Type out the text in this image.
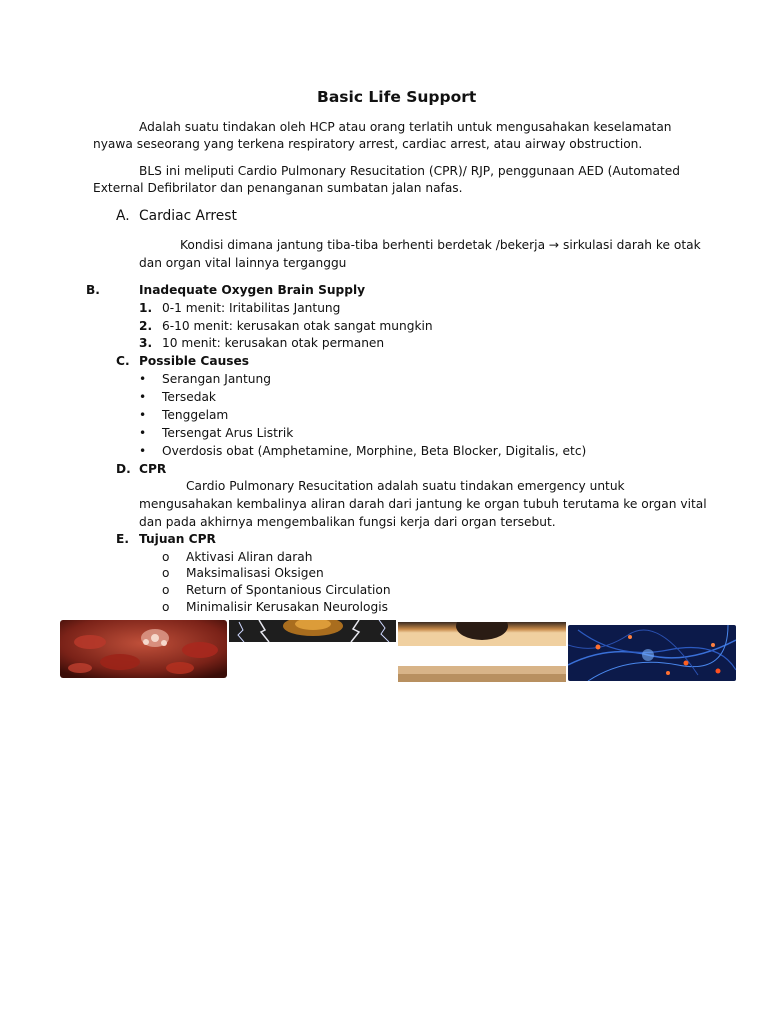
Basic Life Support
Adalah suatu tindakan oleh HCP atau orang terlatih untuk mengusahakan keselamatan
nyawa seseorang yang terkena respiratory arrest, cardiac arrest, atau airway obstruction.
BLS ini meliputi Cardio Pulmonary Resucitation (CPR)/ RJP, penggunaan AED (Automated
External Defibrilator dan penanganan sumbatan jalan nafas.
A. Cardiac Arrest
Kondisi dimana jantung tiba-tiba berhenti berdetak /bekerja → sirkulasi darah ke otak
dan organ vital lainnya terganggu
B.	Inadequate Oxygen Brain Supply
1. 0-1 menit: Iritabilitas Jantung
2. 6-10 menit: kerusakan otak sangat mungkin
3. 10 menit: kerusakan otak permanen
C. Possible Causes
• Serangan Jantung
• Tersedak
• Tenggelam
• Tersengat Arus Listrik
• Overdosis obat (Amphetamine, Morphine, Beta Blocker, Digitalis, etc)
D. CPR
Cardio Pulmonary Resucitation adalah suatu tindakan emergency untuk
mengusahakan kembalinya aliran darah dari jantung ke organ tubuh terutama ke organ vital
dan pada akhirnya mengembalikan fungsi kerja dari organ tersebut.
E. Tujuan CPR
o Aktivasi Aliran darah
o Maksimalisasi Oksigen
o Return of Spontanious Circulation
o Minimalisir Kerusakan Neurologis
